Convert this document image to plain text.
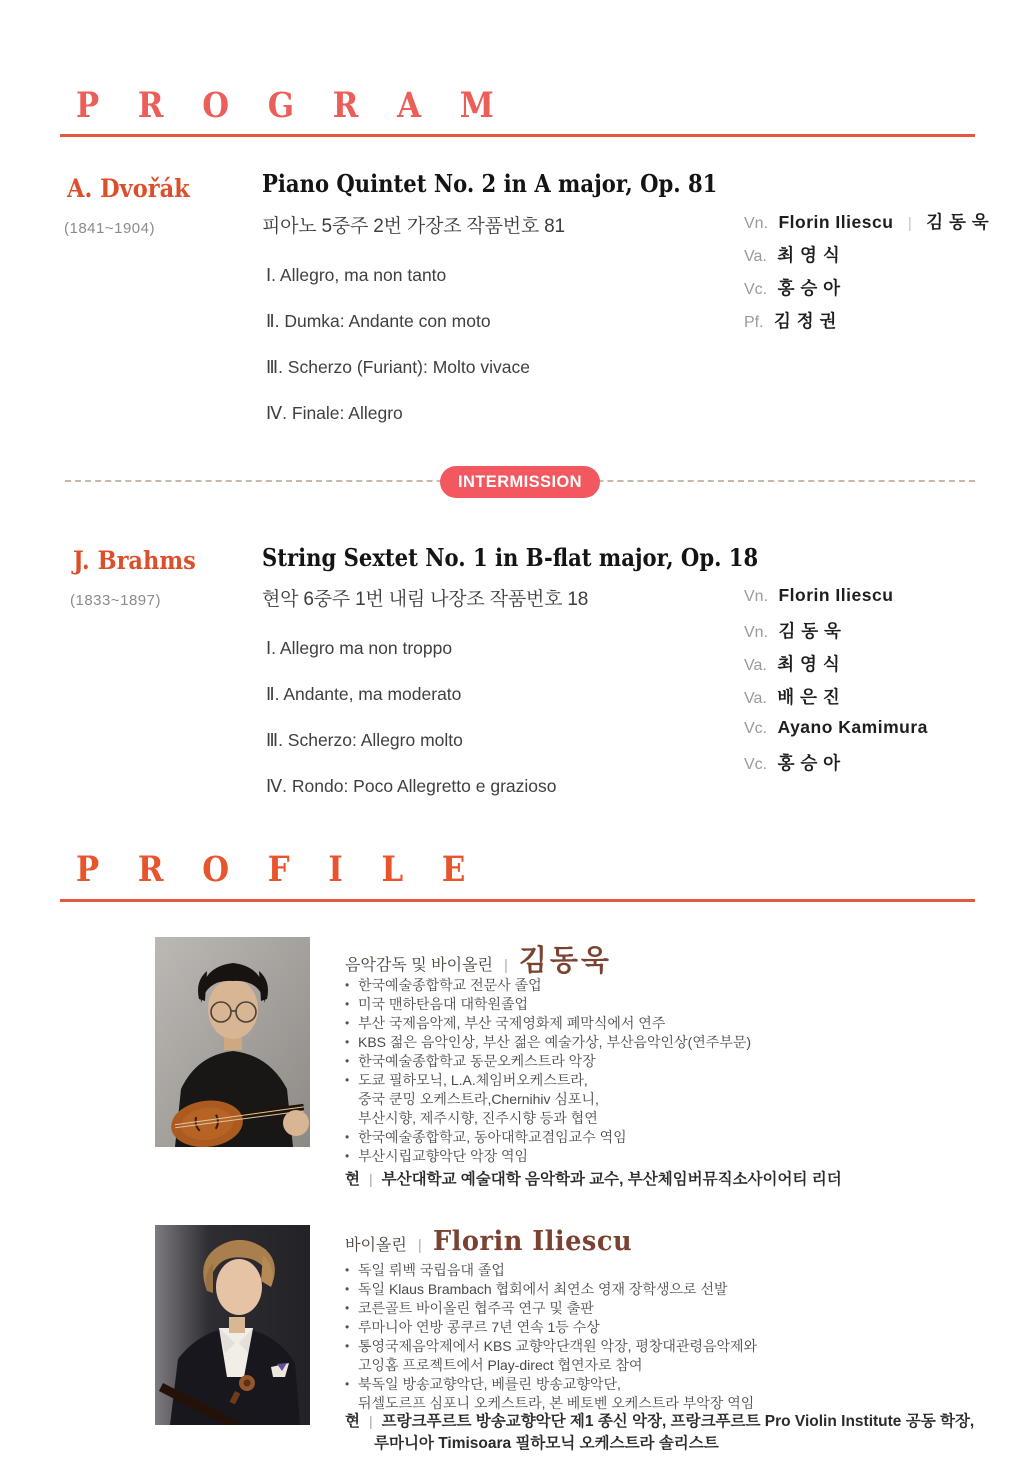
PROGRAM
A. Dvořák
(1841~1904)
Piano Quintet No. 2 in A major, Op. 81
피아노 5중주 2번 가장조 작품번호 81
Ⅰ. Allegro, ma non tanto
Ⅱ. Dumka: Andante con moto
Ⅲ. Scherzo (Furiant): Molto vivace
Ⅳ. Finale: Allegro
Vn. Florin Iliescu | 김 동 욱
Va. 최 영 식
Vc. 홍 승 아
Pf. 김 정 권
INTERMISSION
J. Brahms
(1833~1897)
String Sextet No. 1 in B-flat major, Op. 18
현악 6중주 1번 내림 나장조 작품번호 18
Ⅰ. Allegro ma non troppo
Ⅱ. Andante, ma moderato
Ⅲ. Scherzo: Allegro molto
Ⅳ. Rondo: Poco Allegretto e grazioso
Vn. Florin Iliescu
Vn. 김 동 욱
Va. 최 영 식
Va. 배 은 진
Vc. Ayano Kamimura
Vc. 홍 승 아
PROFILE
음악감독 및 바이올린 | 김동욱
• 한국예술종합학교 전문사 졸업
• 미국 맨하탄음대 대학원졸업
• 부산 국제음악제, 부산 국제영화제 폐막식에서 연주
• KBS 젊은 음악인상, 부산 젊은 예술가상, 부산음악인상(연주부문)
• 한국예술종합학교 동문오케스트라 악장
• 도쿄 필하모닉, L.A.체임버오케스트라,
중국 쿤밍 오케스트라,Chernihiv 심포니,
부산시향, 제주시향, 진주시향 등과 협연
• 한국예술종합학교, 동아대학교겸임교수 역임
• 부산시립교향악단 악장 역임
현 | 부산대학교 예술대학 음악학과 교수, 부산체임버뮤직소사이어티 리더
바이올린 | Florin Iliescu
• 독일 뤼벡 국립음대 졸업
• 독일 Klaus Brambach 협회에서 최연소 영재 장학생으로 선발
• 코른골트 바이올린 협주곡 연구 및 출판
• 루마니아 연방 콩쿠르 7년 연속 1등 수상
• 통영국제음악제에서 KBS 교향악단객원 악장, 평창대관령음악제와
고잉홈 프로젝트에서 Play-direct 협연자로 참여
• 북독일 방송교향악단, 베를린 방송교향악단,
뒤셀도르프 심포니 오케스트라, 본 베토벤 오케스트라 부악장 역임
현 | 프랑크푸르트 방송교향악단 제1 종신 악장, 프랑크푸르트 Pro Violin Institute 공동 학장,
루마니아 Timisoara 필하모닉 오케스트라 솔리스트
